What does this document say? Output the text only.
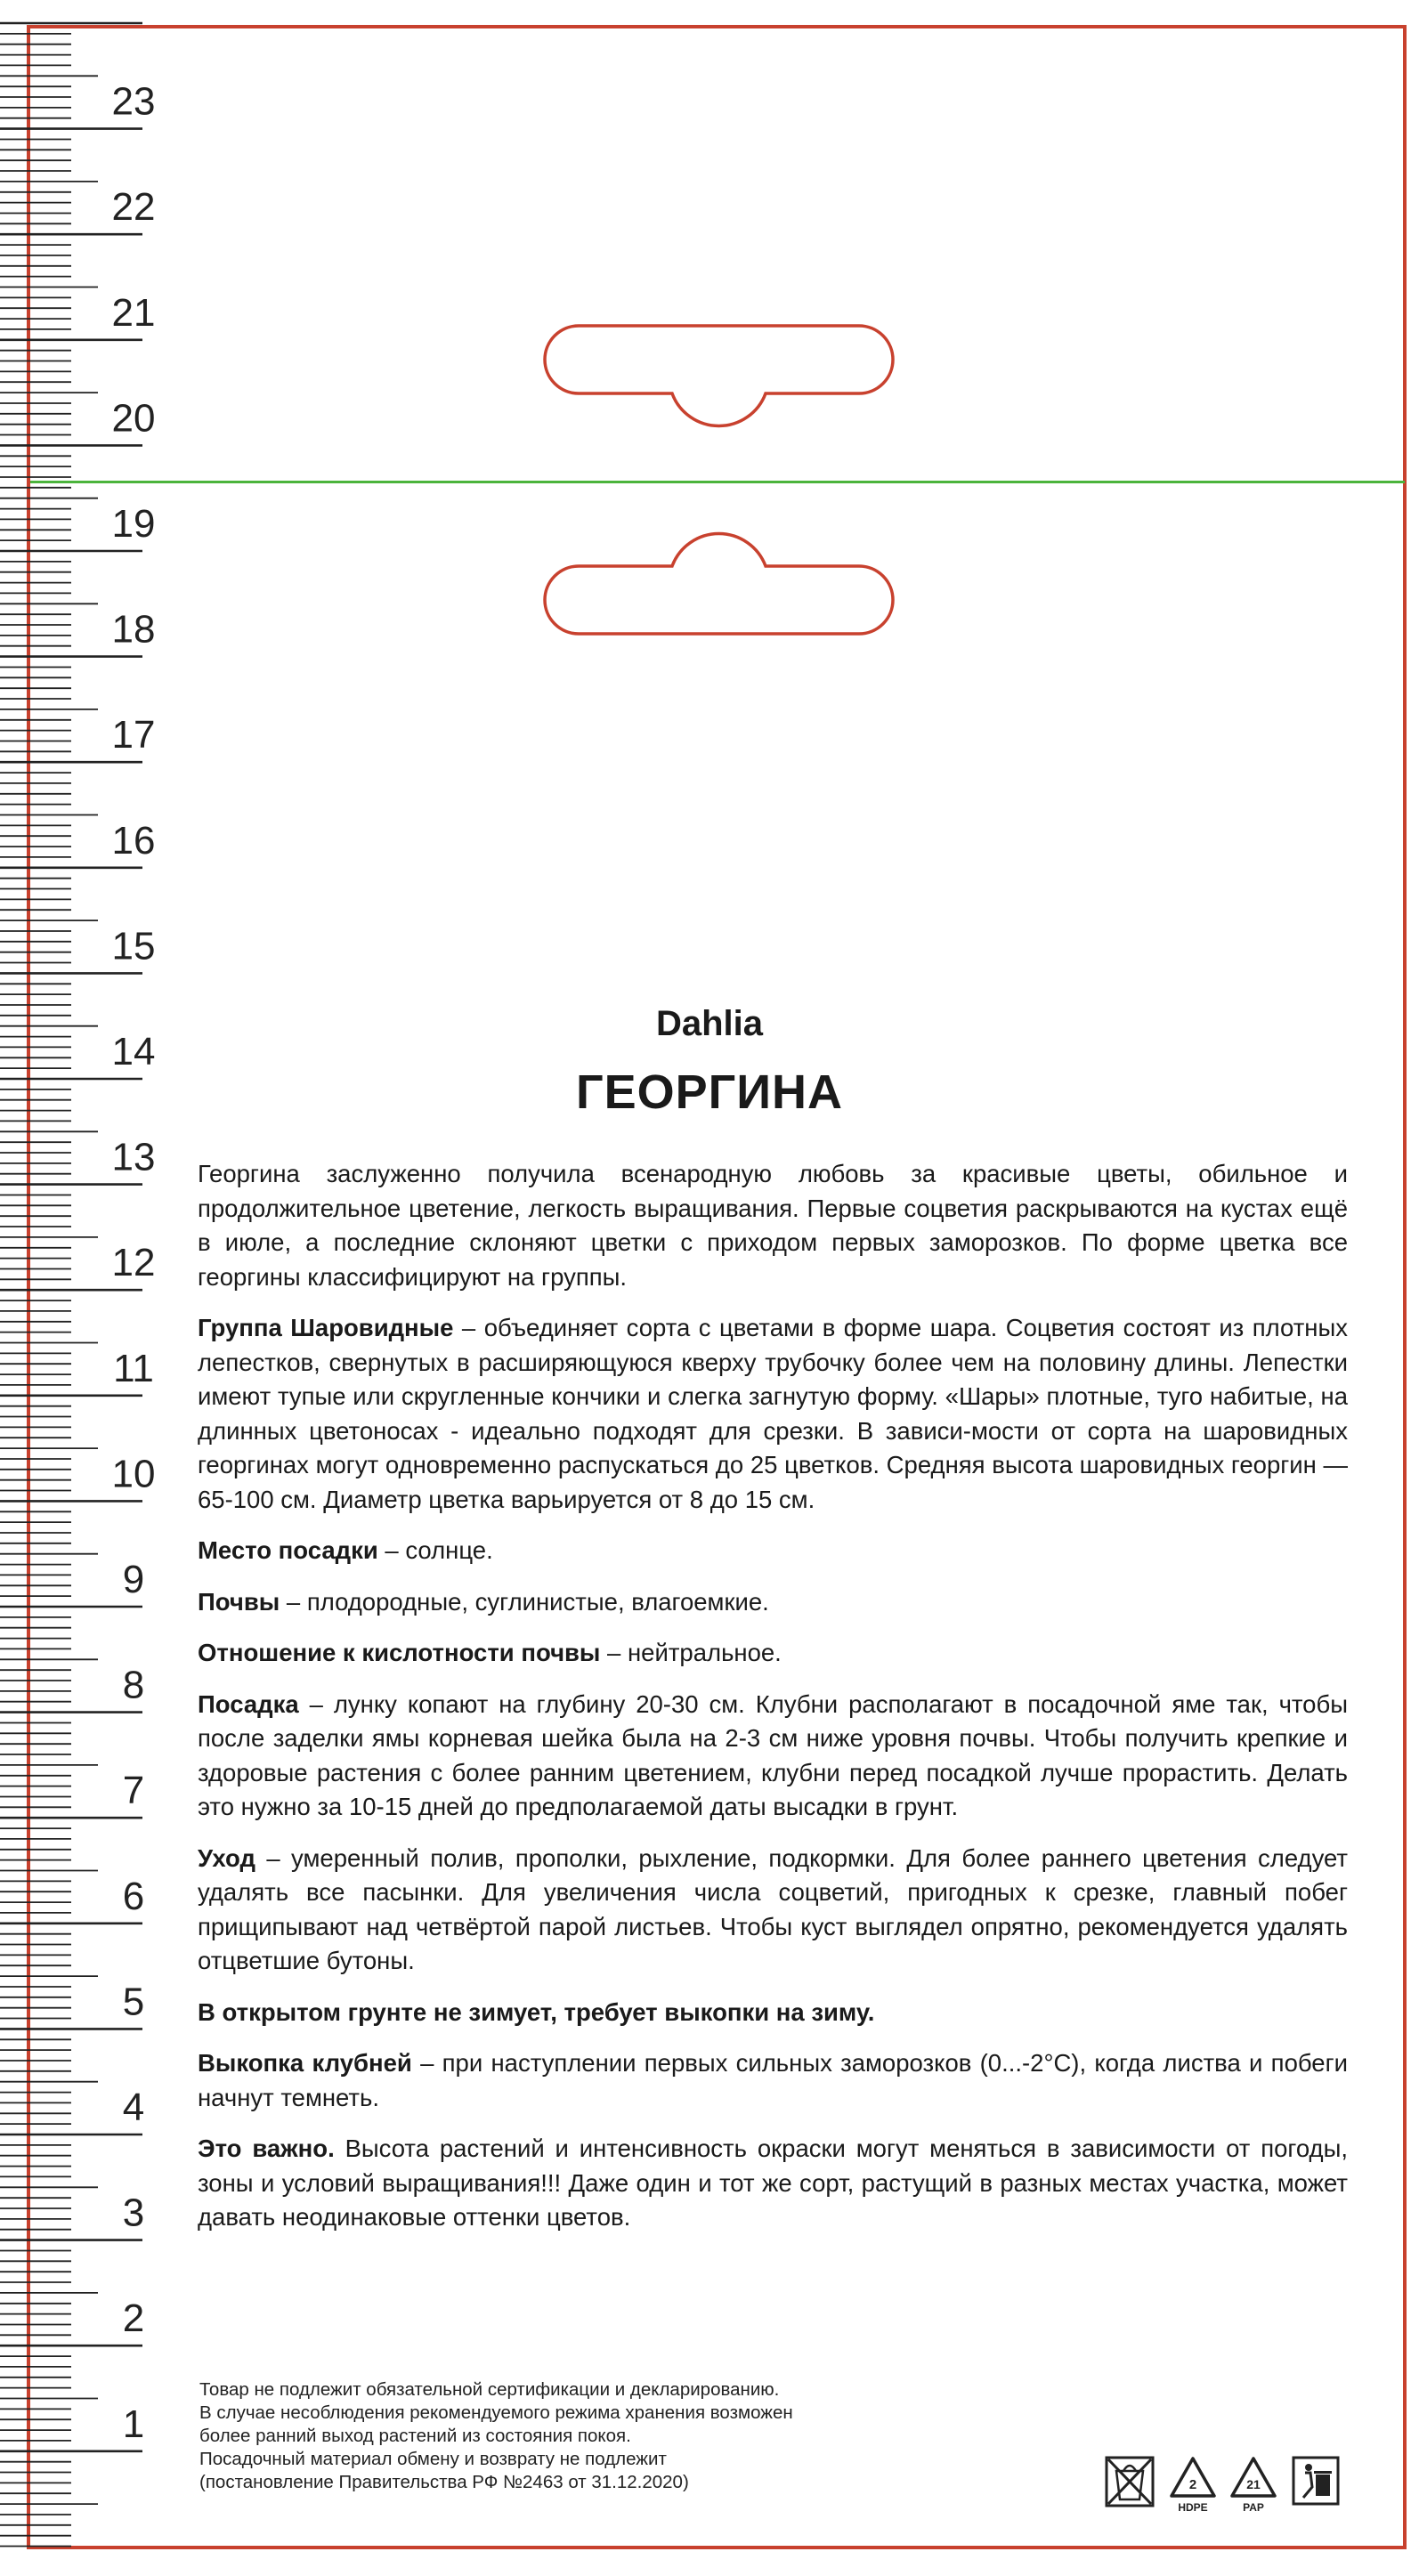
23
22
21
20
19
18
17
16
15
14
13
12
11
10
9
8
7
6
5
4
3
2
1
Dahlia
ГЕОРГИНА

Георгина заслуженно получила всенародную любовь за красивые цветы, обильное и продолжительное цветение, легкость выращивания. Первые соцветия раскрываются на кустах ещё в июле, а последние склоняют цветки с приходом первых заморозков. По форме цветка все георгины классифицируют на группы.

Группа Шаровидные – объединяет сорта с цветами в форме шара. Соцветия состоят из плотных лепестков, свернутых в расширяющуюся кверху трубочку более чем на половину длины. Лепестки имеют тупые или скругленные кончики и слегка загнутую форму. «Шары» плотные, туго набитые, на длинных цветоносах - идеально подходят для срезки. В зависи-мости от сорта на шаровидных георгинах могут одновременно распускаться до 25 цветков. Средняя высота шаровидных георгин — 65-100 см. Диаметр цветка варьируется от 8 до 15 см.

Место посадки – солнце.

Почвы – плодородные, суглинистые, влагоемкие.

Отношение к кислотности почвы – нейтральное.

Посадка – лунку копают на глубину 20-30 см. Клубни располагают в посадочной яме так, чтобы после заделки ямы корневая шейка была на 2-3 см ниже уровня почвы. Чтобы получить крепкие и здоровые растения с более ранним цветением, клубни перед посадкой лучше прорастить. Делать это нужно за 10-15 дней до предполагаемой даты высадки в грунт.

Уход – умеренный полив, прополки, рыхление, подкормки. Для более раннего цветения следует удалять все пасынки. Для увеличения числа соцветий, пригодных к срезке, главный побег прищипывают над четвёртой парой листьев. Чтобы куст выглядел опрятно, рекомендуется удалять отцветшие бутоны.

В открытом грунте не зимует, требует выкопки на зиму.

Выкопка клубней – при наступлении первых сильных заморозков (0...-2°С), когда листва и побеги начнут темнеть.

Это важно. Высота растений и интенсивность окраски могут меняться в зависимости от погоды, зоны и условий выращивания!!! Даже один и тот же сорт, растущий в разных местах участка, может давать неодинаковые оттенки цветов.

Товар не подлежит обязательной сертификации и декларированию.
В случае несоблюдения рекомендуемого режима хранения возможен
более ранний выход растений из состояния покоя.
Посадочный материал обмену и возврату не подлежит
(постановление Правительства РФ №2463 от 31.12.2020)	2
HDPE
21
PAP
